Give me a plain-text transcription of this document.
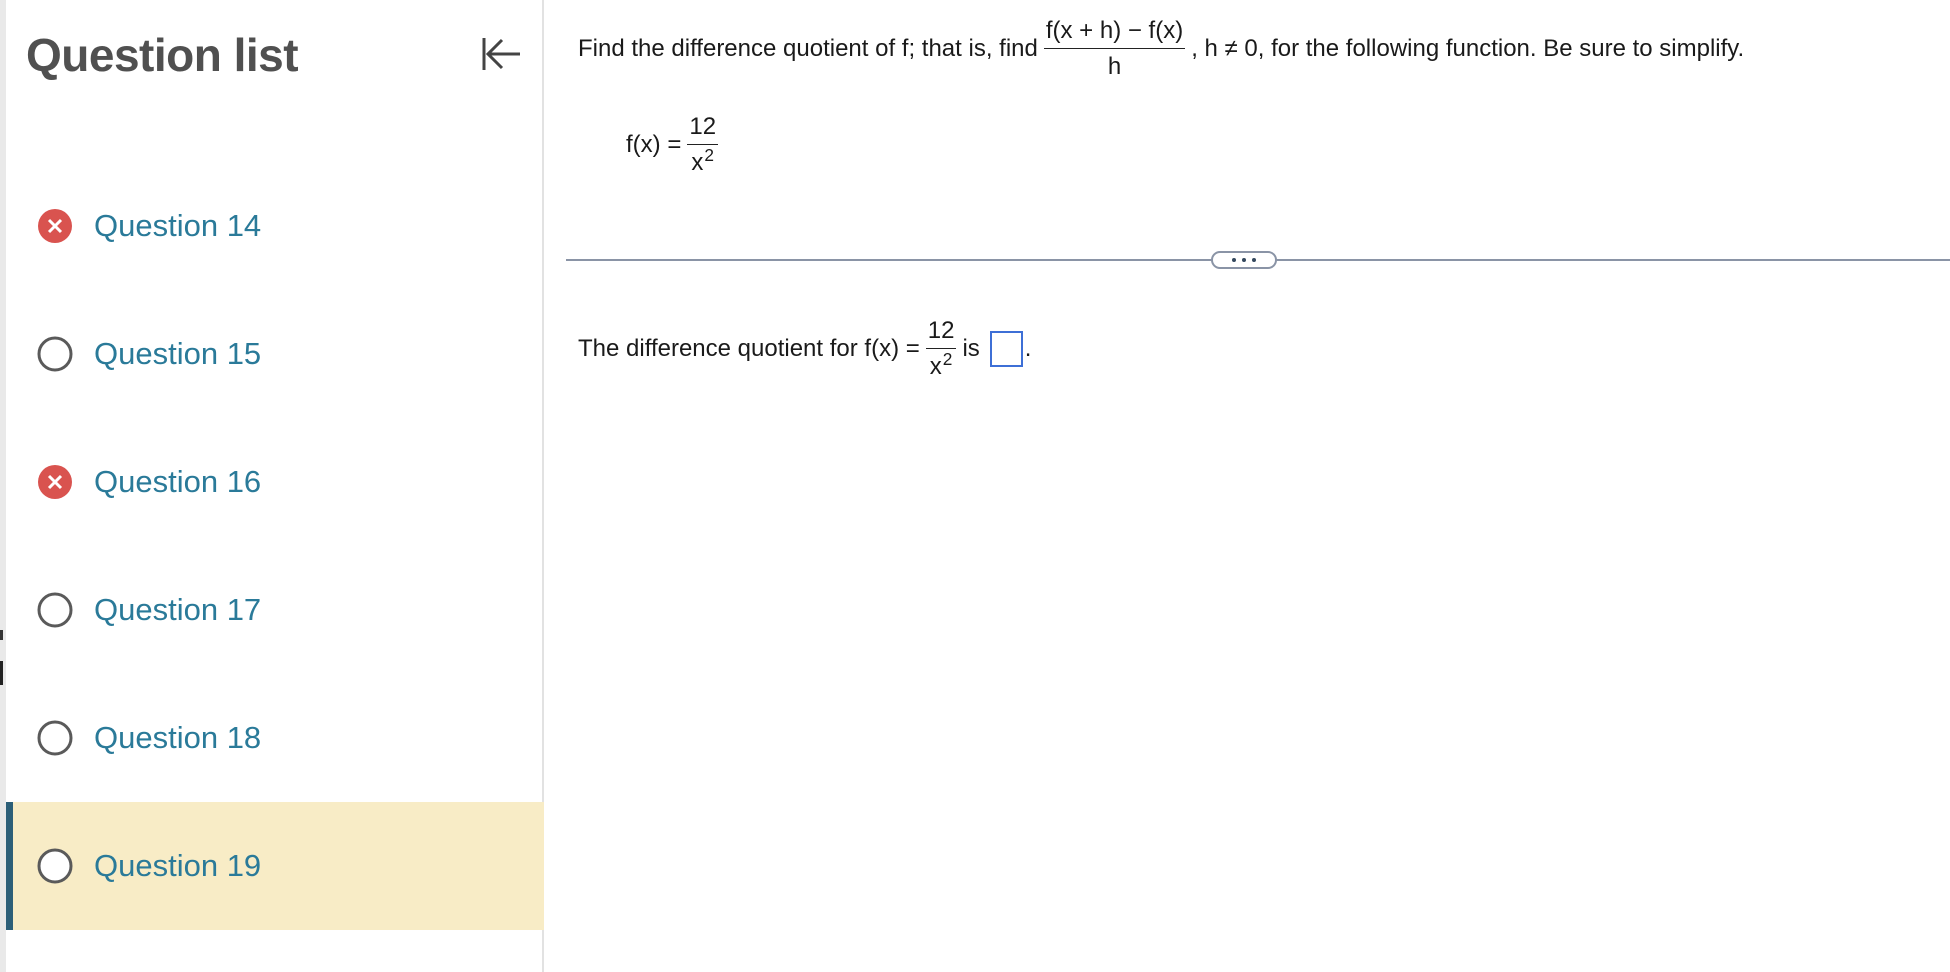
Question list
Question 14
Question 15
Question 16
Question 17
Question 18
Question 19
Find the difference quotient of f; that is, find $\frac{f(x + h) - f(x)}{h}$ , h ≠ 0, for the following function. Be sure to simplify.
$f(x) = \frac{12}{x^2}$
The difference quotient for $f(x) = \frac{12}{x^2}$ is .
